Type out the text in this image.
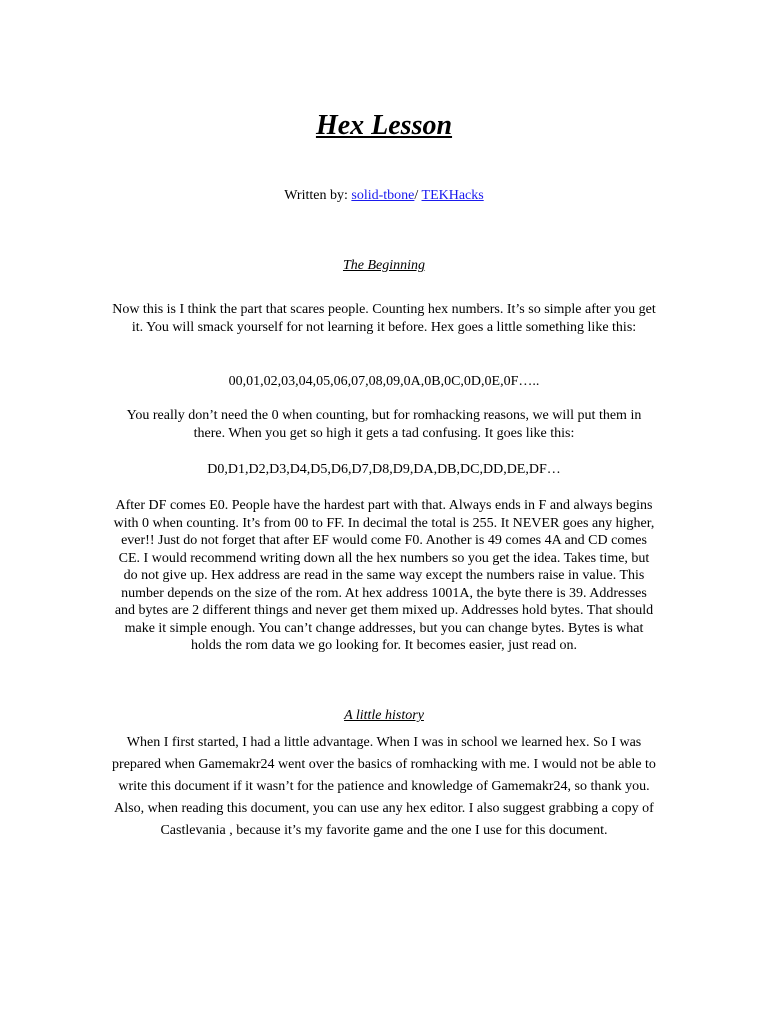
Hex Lesson
Written by: solid-tbone/ TEKHacks
The Beginning

Now this is I think the part that scares people. Counting hex numbers. It’s so simple after you get it. You will smack yourself for not learning it before. Hex goes a little something like this:

00,01,02,03,04,05,06,07,08,09,0A,0B,0C,0D,0E,0F…..

You really don’t need the 0 when counting, but for romhacking reasons, we will put them in there. When you get so high it gets a tad confusing. It goes like this:

D0,D1,D2,D3,D4,D5,D6,D7,D8,D9,DA,DB,DC,DD,DE,DF…

After DF comes E0. People have the hardest part with that. Always ends in F and always begins with 0 when counting. It’s from 00 to FF. In decimal the total is 255. It NEVER goes any higher, ever!! Just do not forget that after EF would come F0. Another is 49 comes 4A and CD comes CE. I would recommend writing down all the hex numbers so you get the idea. Takes time, but do not give up. Hex address are read in the same way except the numbers raise in value. This number depends on the size of the rom. At hex address 1001A, the byte there is 39. Addresses and bytes are 2 different things and never get them mixed up. Addresses hold bytes. That should make it simple enough. You can’t change addresses, but you can change bytes. Bytes is what holds the rom data we go looking for. It becomes easier, just read on.

A little history

When I first started, I had a little advantage. When I was in school we learned hex. So I was prepared when Gamemakr24 went over the basics of romhacking with me. I would not be able to write this document if it wasn’t for the patience and knowledge of Gamemakr24, so thank you. Also, when reading this document, you can use any hex editor. I also suggest grabbing a copy of Castlevania , because it’s my favorite game and the one I use for this document.
